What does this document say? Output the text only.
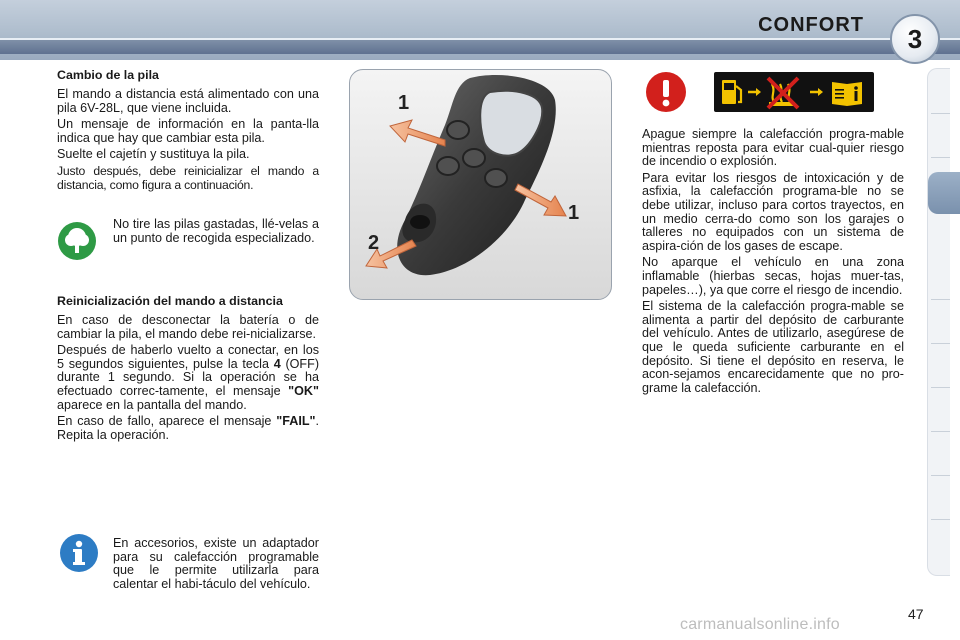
CONFORT	3
Cambio de la pila

El mando a distancia está alimentado con una pila 6V-28L, que viene incluida.

Un mensaje de información en la panta-lla indica que hay que cambiar esta pila.

Suelte el cajetín y sustituya la pila.

Justo después, debe reinicializar el mando a distancia, como figura a continuación.

No tire las pilas gastadas, llé-velas a un punto de recogida especializado.

Reinicialización del mando a distancia

En caso de desconectar la batería o de cambiar la pila, el mando debe rei-nicializarse.

Después de haberlo vuelto a conectar, en los 5 segundos siguientes, pulse la tecla 4 (OFF) durante 1 segundo. Si la operación se ha efectuado correc-tamente, el mensaje "OK" aparece en la pantalla del mando.

En caso de fallo, aparece el mensaje "FAIL". Repita la operación.

En accesorios, existe un adaptador para su calefacción programable que le permite utilizarla para calentar el habi-táculo del vehículo.

1
1
2

Apague siempre la calefacción progra-mable mientras reposta para evitar cual-quier riesgo de incendio o explosión.

Para evitar los riesgos de intoxicación y de asfixia, la calefacción programa-ble no se debe utilizar, incluso para cortos trayectos, en un medio cerra-do como son los garajes o talleres no equipados con un sistema de aspira-ción de los gases de escape.

No aparque el vehículo en una zona inflamable (hierbas secas, hojas muer-tas, papeles…), ya que corre el riesgo de incendio.

El sistema de la calefacción progra-mable se alimenta a partir del depósito de carburante del vehículo. Antes de utilizarlo, asegúrese de que le queda suficiente carburante en el depósito. Si tiene el depósito en reserva, le acon-sejamos encarecidamente que no pro-grame la calefacción.

carmanualsonline.info
47
